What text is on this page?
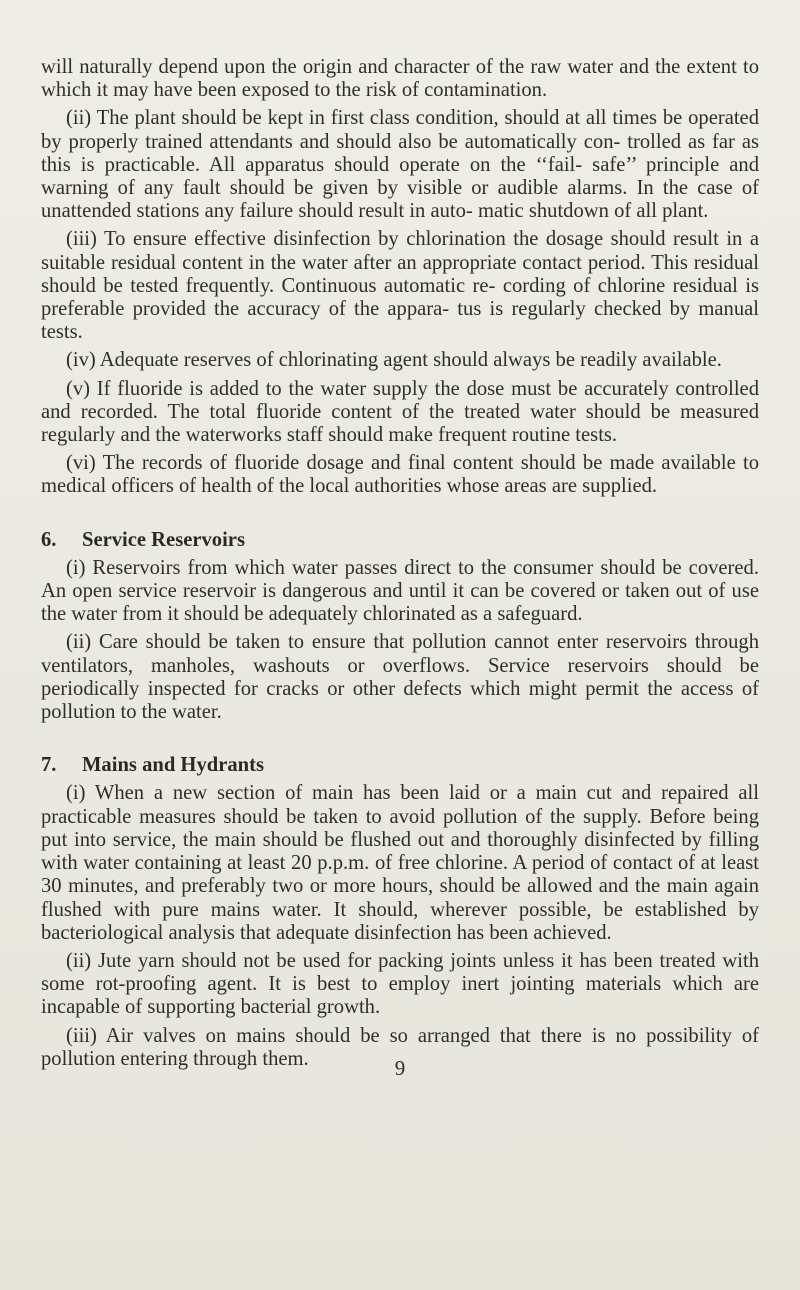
will naturally depend upon the origin and character of the raw water and the extent to which it may have been exposed to the risk of contamination.

(ii) The plant should be kept in first class condition, should at all times be operated by properly trained attendants and should also be automatically con- trolled as far as this is practicable. All apparatus should operate on the ‘‘fail- safe’’ principle and warning of any fault should be given by visible or audible alarms. In the case of unattended stations any failure should result in auto- matic shutdown of all plant.

(iii) To ensure effective disinfection by chlorination the dosage should result in a suitable residual content in the water after an appropriate contact period. This residual should be tested frequently. Continuous automatic re- cording of chlorine residual is preferable provided the accuracy of the appara- tus is regularly checked by manual tests.

(iv) Adequate reserves of chlorinating agent should always be readily available.

(v) If fluoride is added to the water supply the dose must be accurately controlled and recorded. The total fluoride content of the treated water should be measured regularly and the waterworks staff should make frequent routine tests.

(vi) The records of fluoride dosage and final content should be made available to medical officers of health of the local authorities whose areas are supplied.

6. Service Reservoirs

(i) Reservoirs from which water passes direct to the consumer should be covered. An open service reservoir is dangerous and until it can be covered or taken out of use the water from it should be adequately chlorinated as a safeguard.

(ii) Care should be taken to ensure that pollution cannot enter reservoirs through ventilators, manholes, washouts or overflows. Service reservoirs should be periodically inspected for cracks or other defects which might permit the access of pollution to the water.

7. Mains and Hydrants

(i) When a new section of main has been laid or a main cut and repaired all practicable measures should be taken to avoid pollution of the supply. Before being put into service, the main should be flushed out and thoroughly disinfected by filling with water containing at least 20 p.p.m. of free chlorine. A period of contact of at least 30 minutes, and preferably two or more hours, should be allowed and the main again flushed with pure mains water. It should, wherever possible, be established by bacteriological analysis that adequate disinfection has been achieved.

(ii) Jute yarn should not be used for packing joints unless it has been treated with some rot-proofing agent. It is best to employ inert jointing materials which are incapable of supporting bacterial growth.

(iii) Air valves on mains should be so arranged that there is no possibility of pollution entering through them.	9
